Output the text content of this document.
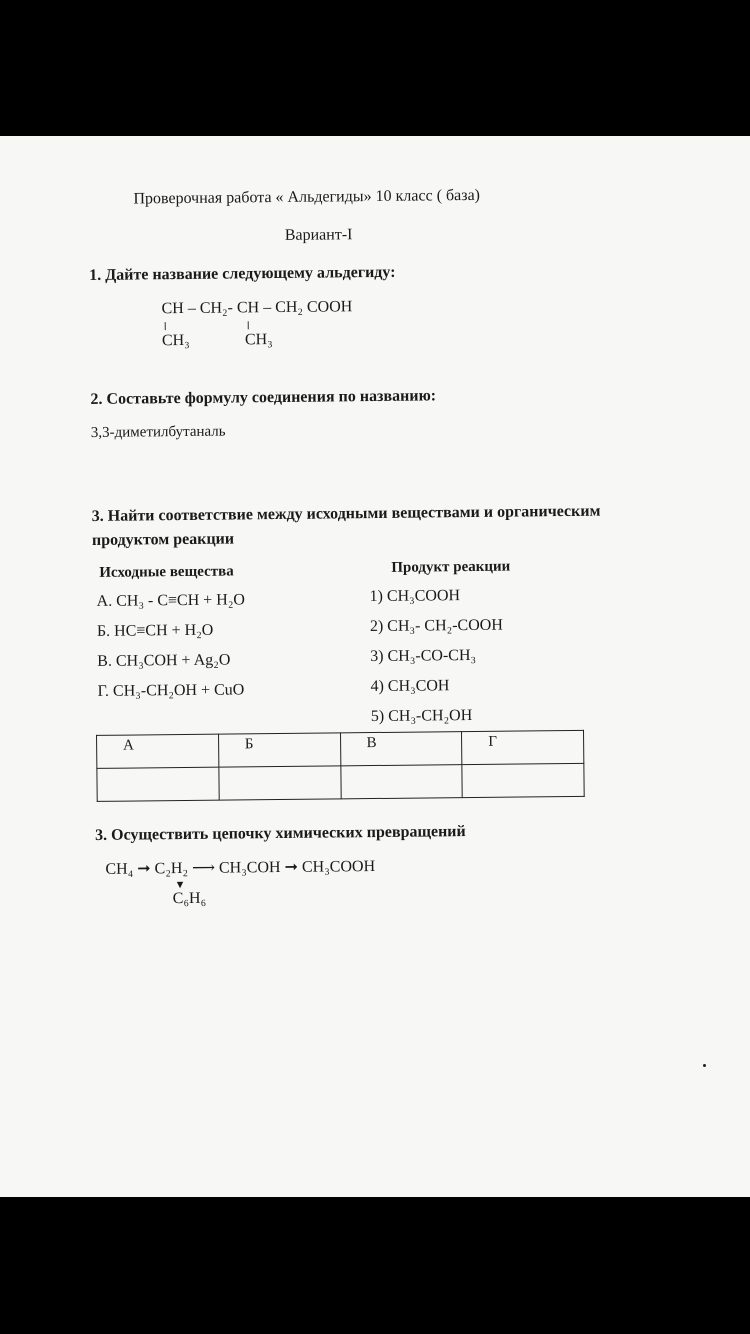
Проверочная работа « Альдегиды» 10 класс ( база)
Вариант-I
1. Дайте название следующему альдегиду:
CH – CH₂- CH – CH₂ COOH
CH₃	CH₃
2. Составьте формулу соединения по названию:
3,3-диметилбутаналь
3. Найти соответствие между исходными веществами и органическим продуктом реакции
Исходные вещества	Продукт реакции
А. CH₃ - C≡CH + H₂O
Б. HC≡CH + H₂O
В. CH₃COH + Ag₂O
Г. CH₃-CH₂OH + CuO
1) CH₃COOH
2) CH₃- CH₂-COOH
3) CH₃-CO-CH₃
4) CH₃COH
5) CH₃-CH₂OH
А	Б	В	Г

3. Осуществить цепочку химических превращений
CH₄ ➞ C₂H₂ ⟶ CH₃COH ➞ CH₃COOH
▼
C₆H₆
